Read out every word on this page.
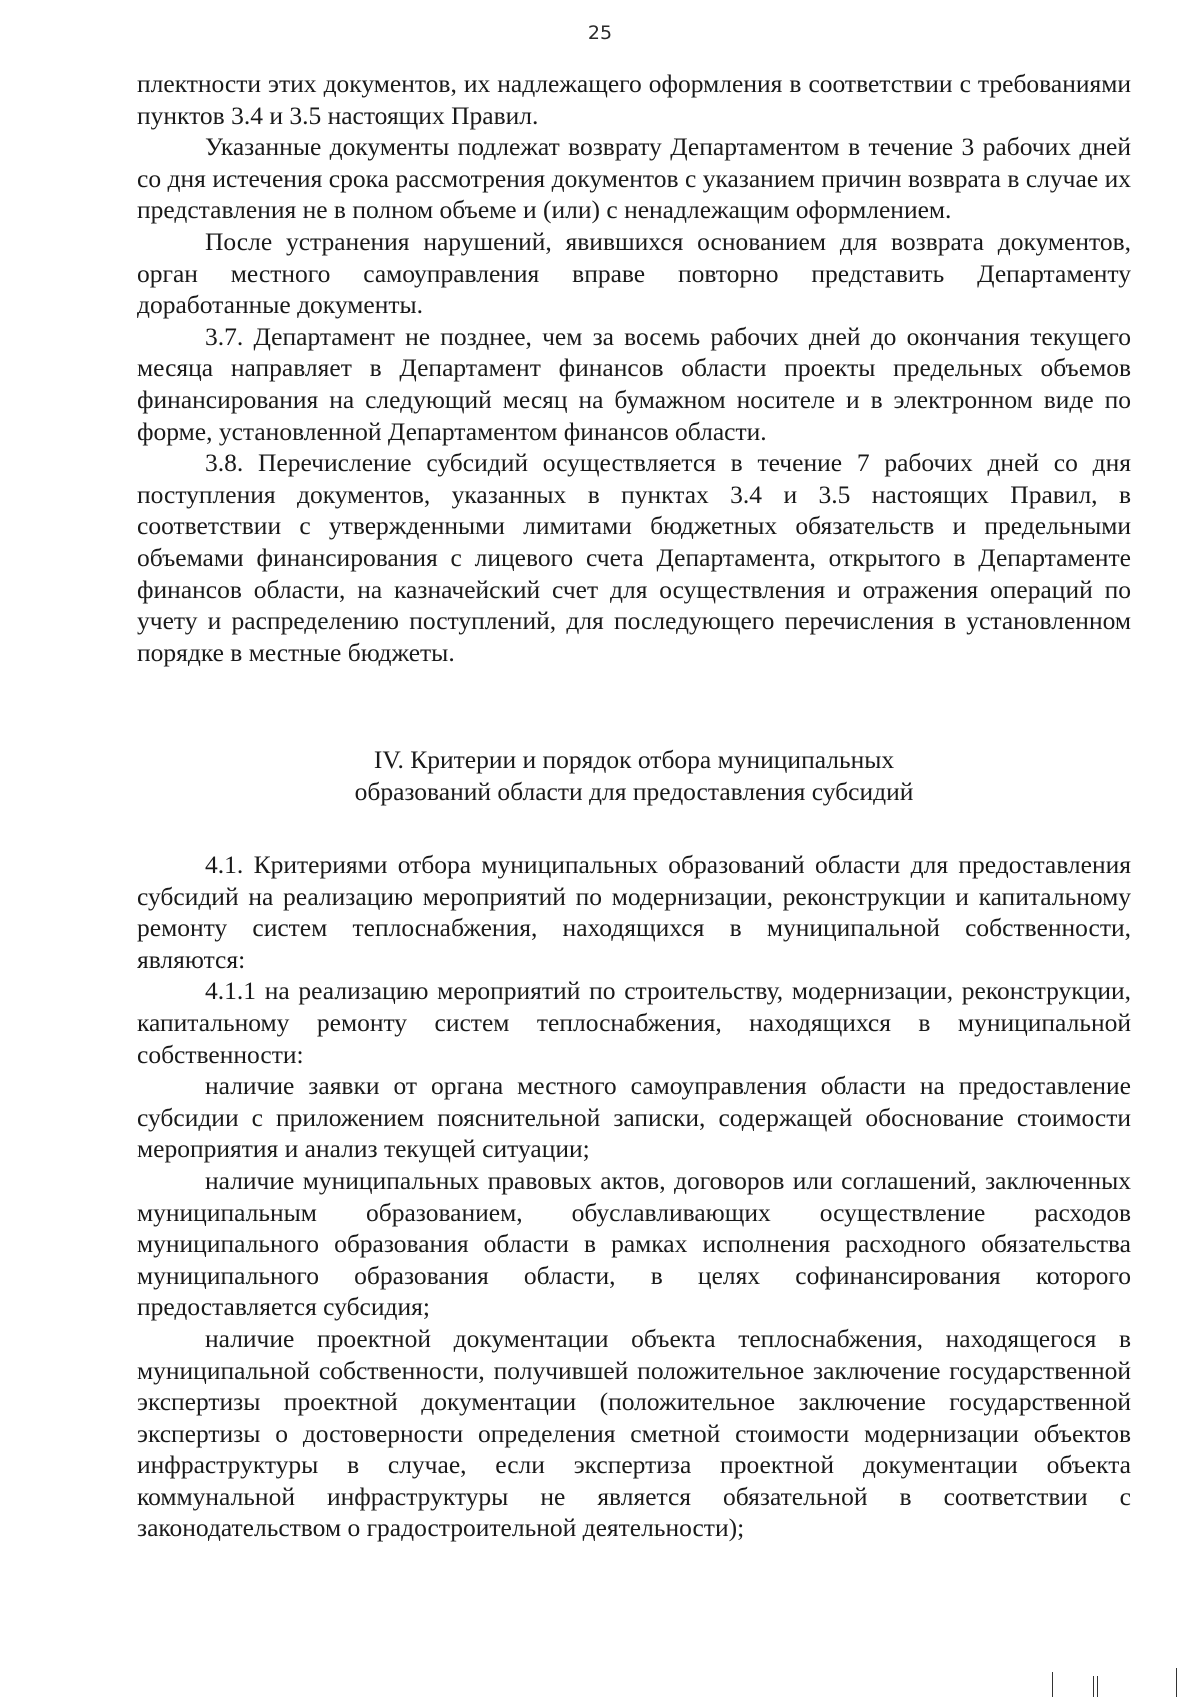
25

плектности этих документов, их надлежащего оформления в соответствии с требованиями пунктов 3.4 и 3.5 настоящих Правил.

Указанные документы подлежат возврату Департаментом в течение 3 рабочих дней со дня истечения срока рассмотрения документов с указанием причин возврата в случае их представления не в полном объеме и (или) с ненадлежащим оформлением.

После устранения нарушений, явившихся основанием для возврата документов, орган местного самоуправления вправе повторно представить Департаменту доработанные документы.

3.7. Департамент не позднее, чем за восемь рабочих дней до окончания текущего месяца направляет в Департамент финансов области проекты предельных объемов финансирования на следующий месяц на бумажном носителе и в электронном виде по форме, установленной Департаментом финансов области.

3.8. Перечисление субсидий осуществляется в течение 7 рабочих дней со дня поступления документов, указанных в пунктах 3.4 и 3.5 настоящих Правил, в соответствии с утвержденными лимитами бюджетных обязательств и предельными объемами финансирования с лицевого счета Департамента, открытого в Департаменте финансов области, на казначейский счет для осуществления и отражения операций по учету и распределению поступлений, для последующего перечисления в установленном порядке в местные бюджеты.

IV. Критерии и порядок отбора муниципальных
образований области для предоставления субсидий

4.1. Критериями отбора муниципальных образований области для предоставления субсидий на реализацию мероприятий по модернизации, реконструкции и капитальному ремонту систем теплоснабжения, находящихся в муниципальной собственности, являются:

4.1.1 на реализацию мероприятий по строительству, модернизации, реконструкции, капитальному ремонту систем теплоснабжения, находящихся в муниципальной собственности:

наличие заявки от органа местного самоуправления области на предоставление субсидии с приложением пояснительной записки, содержащей обоснование стоимости мероприятия и анализ текущей ситуации;

наличие муниципальных правовых актов, договоров или соглашений, заключенных муниципальным образованием, обуславливающих осуществление расходов муниципального образования области в рамках исполнения расходного обязательства муниципального образования области, в целях софинансирования которого предоставляется субсидия;

наличие проектной документации объекта теплоснабжения, находящегося в муниципальной собственности, получившей положительное заключение государственной экспертизы проектной документации (положительное заключение государственной экспертизы о достоверности определения сметной стоимости модернизации объектов инфраструктуры в случае, если экспертиза проектной документации объекта коммунальной инфраструктуры не является обязательной в соответствии с законодательством о градостроительной деятельности);
